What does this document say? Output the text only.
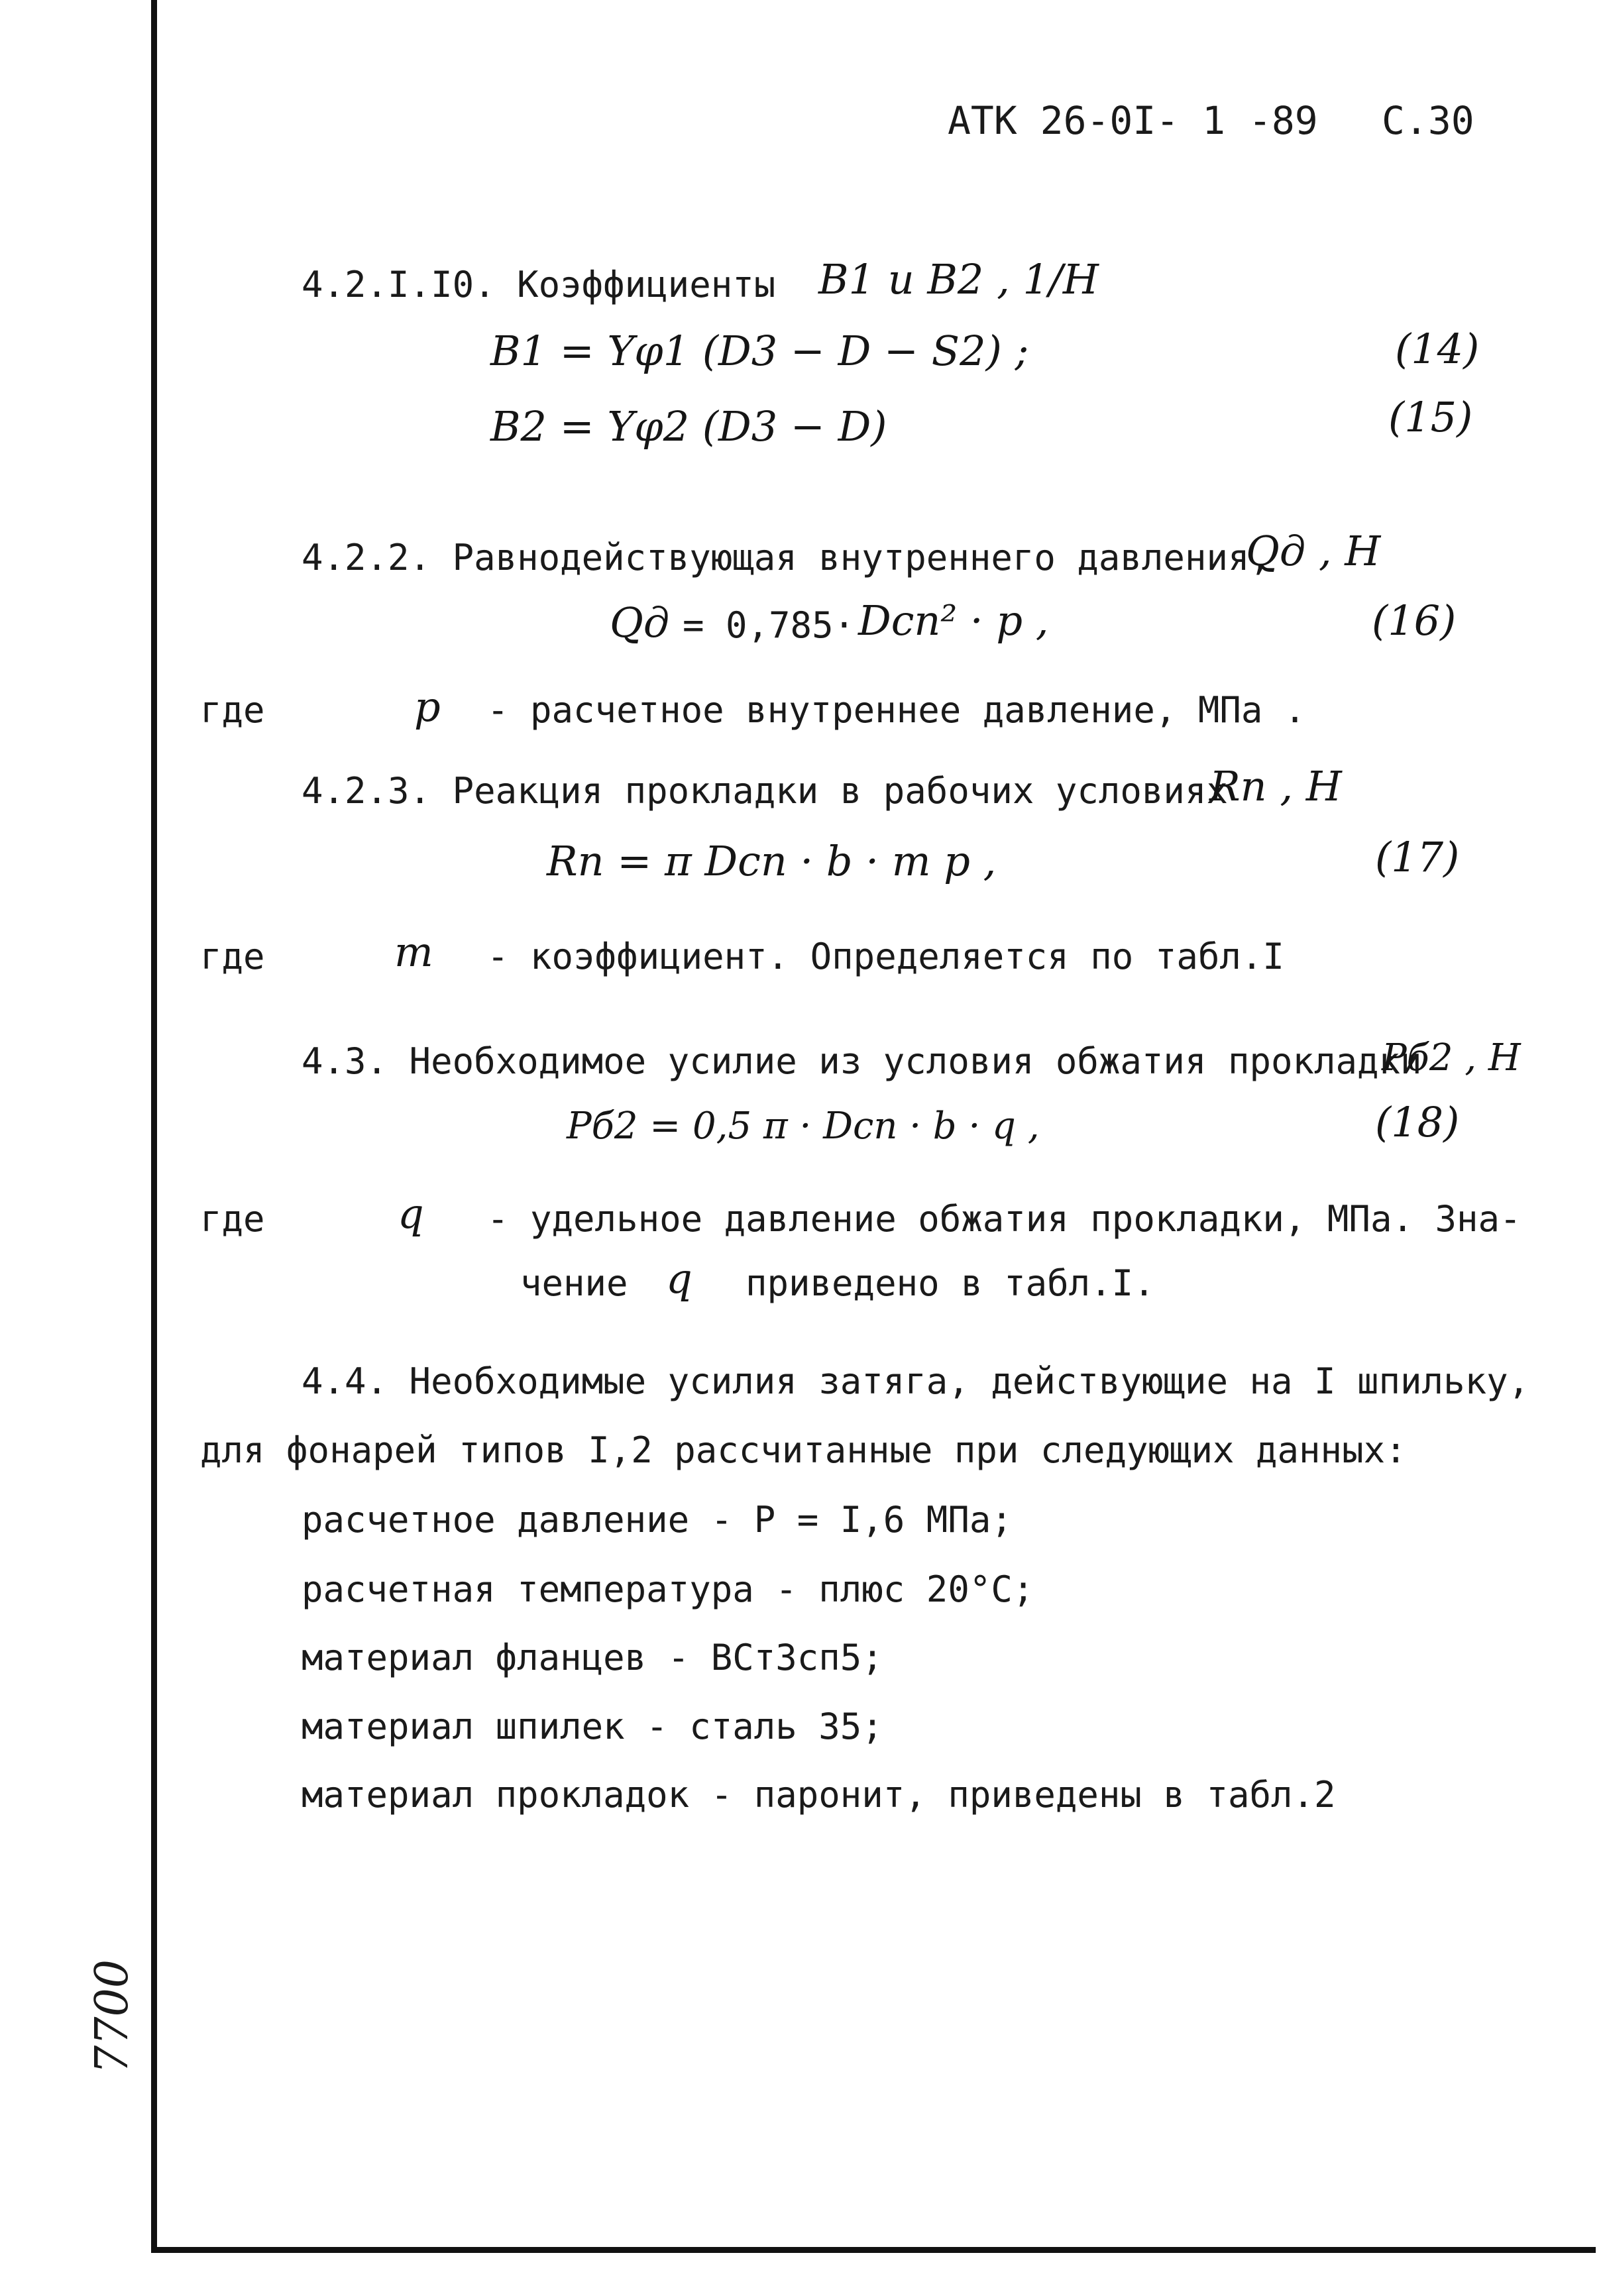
АТК 26-0I- 1 -89 С.30
4.2.I.I0. Коэффициенты B1 и B2 , 1/H
B1 = Yφ1 (D3 − D − S2) ;	(14)
B2 = Yφ2 (D3 − D)	(15)
4.2.2. Равнодействующая внутреннего давления,
Qд , H
Qд = 0,785· Dсп² · p ,	(16)
где	p - расчетное внутреннее давление, МПа .
4.2.3. Реакция прокладки в рабочих условиях
Rп , H
Rп = π Dсп · b · m p ,	(17)
где	m - коэффициент. Определяется по табл.I
4.3. Необходимое усилие из условия обжатия прокладки
Pб2 , H
Pб2 = 0,5 π · Dсп · b · q ,	(18)
где	q - удельное давление обжатия прокладки, МПа. Зна-
чение q приведено в табл.I.
4.4. Необходимые усилия затяга, действующие на I шпильку,
для фонарей типов I,2 рассчитанные при следующих данных:
расчетное давление - P = I,6 МПа;
расчетная температура - плюс 20°С;
материал фланцев - ВСт3сп5;
материал шпилек - сталь 35;
материал прокладок - паронит, приведены в табл.2
7700
